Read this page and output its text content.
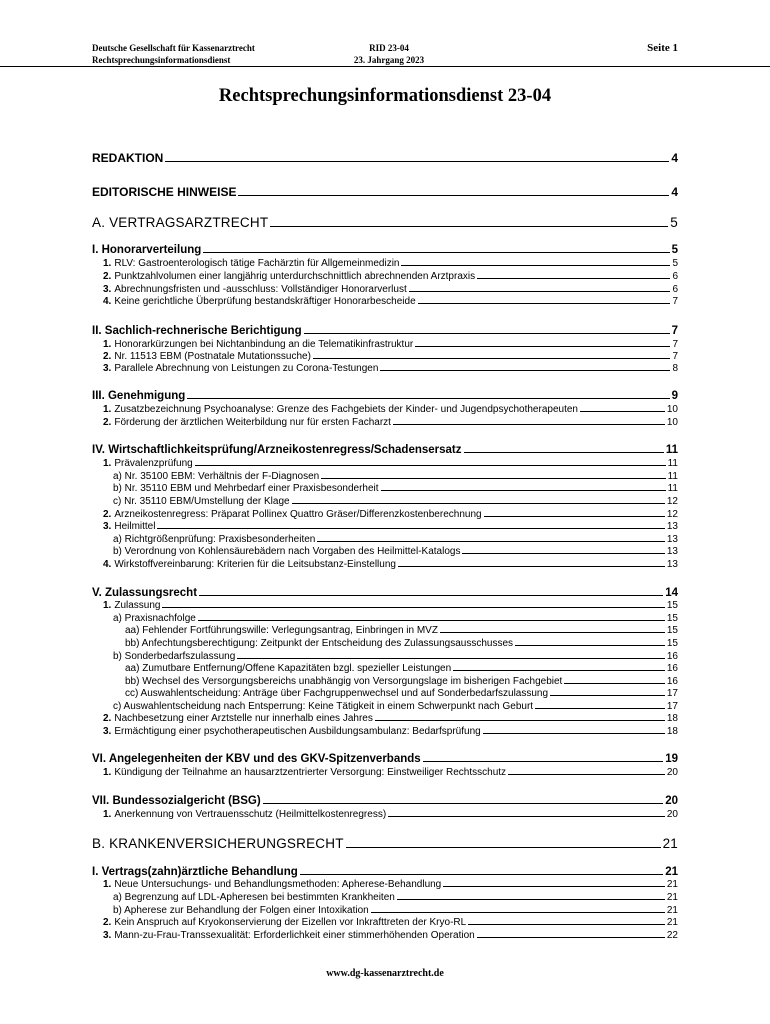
Deutsche Gesellschaft für Kassenarztrecht
Rechtsprechungsinformationsdienst
RID 23-04
23. Jahrgang 2023
Seite 1
Rechtsprechungsinformationsdienst 23-04
REDAKTION	4
EDITORISCHE HINWEISE	4
A. VERTRAGSARZTRECHT	5
I. Honorarverteilung	5
1. RLV: Gastroenterologisch tätige Fachärztin für Allgemeinmedizin	5
2. Punktzahlvolumen einer langjährig unterdurchschnittlich abrechnenden Arztpraxis	6
3. Abrechnungsfristen und -ausschluss: Vollständiger Honorarverlust	6
4. Keine gerichtliche Überprüfung bestandskräftiger Honorarbescheide	7
II. Sachlich-rechnerische Berichtigung	7
1. Honorarkürzungen bei Nichtanbindung an die Telematikinfrastruktur	7
2. Nr. 11513 EBM (Postnatale Mutationssuche)	7
3. Parallele Abrechnung von Leistungen zu Corona-Testungen	8
III. Genehmigung	9
1. Zusatzbezeichnung Psychoanalyse: Grenze des Fachgebiets der Kinder- und Jugendpsychotherapeuten	10
2. Förderung der ärztlichen Weiterbildung nur für ersten Facharzt	10
IV. Wirtschaftlichkeitsprüfung/Arzneikostenregress/Schadensersatz	11
1. Prävalenzprüfung	11
a) Nr. 35100 EBM: Verhältnis der F-Diagnosen	11
b) Nr. 35110 EBM und Mehrbedarf einer Praxisbesonderheit	11
c) Nr. 35110 EBM/Umstellung der Klage	12
2. Arzneikostenregress: Präparat Pollinex Quattro Gräser/Differenzkostenberechnung	12
3. Heilmittel	13
a) Richtgrößenprüfung: Praxisbesonderheiten	13
b) Verordnung von Kohlensäurebädern nach Vorgaben des Heilmittel-Katalogs	13
4. Wirkstoffvereinbarung: Kriterien für die Leitsubstanz-Einstellung	13
V. Zulassungsrecht	14
1. Zulassung	15
a) Praxisnachfolge	15
aa) Fehlender Fortführungswille: Verlegungsantrag, Einbringen in MVZ	15
bb) Anfechtungsberechtigung: Zeitpunkt der Entscheidung des Zulassungsausschusses	15
b) Sonderbedarfszulassung	16
aa) Zumutbare Entfernung/Offene Kapazitäten bzgl. spezieller Leistungen	16
bb) Wechsel des Versorgungsbereichs unabhängig von Versorgungslage im bisherigen Fachgebiet	16
cc) Auswahlentscheidung: Anträge über Fachgruppenwechsel und auf Sonderbedarfszulassung	17
c) Auswahlentscheidung nach Entsperrung: Keine Tätigkeit in einem Schwerpunkt nach Geburt	17
2. Nachbesetzung einer Arztstelle nur innerhalb eines Jahres	18
3. Ermächtigung einer psychotherapeutischen Ausbildungsambulanz: Bedarfsprüfung	18
VI. Angelegenheiten der KBV und des GKV-Spitzenverbands	19
1. Kündigung der Teilnahme an hausarztzentrierter Versorgung: Einstweiliger Rechtsschutz	20
VII. Bundessozialgericht (BSG)	20
1. Anerkennung von Vertrauensschutz (Heilmittelkostenregress)	20
B. KRANKENVERSICHERUNGSRECHT	21
I. Vertrags(zahn)ärztliche Behandlung	21
1. Neue Untersuchungs- und Behandlungsmethoden: Apherese-Behandlung	21
a) Begrenzung auf LDL-Apheresen bei bestimmten Krankheiten	21
b) Apherese zur Behandlung der Folgen einer Intoxikation	21
2. Kein Anspruch auf Kryokonservierung der Eizellen vor Inkrafttreten der Kryo-RL	21
3. Mann-zu-Frau-Transsexualität: Erforderlichkeit einer stimmerhöhenden Operation	22
www.dg-kassenarztrecht.de
